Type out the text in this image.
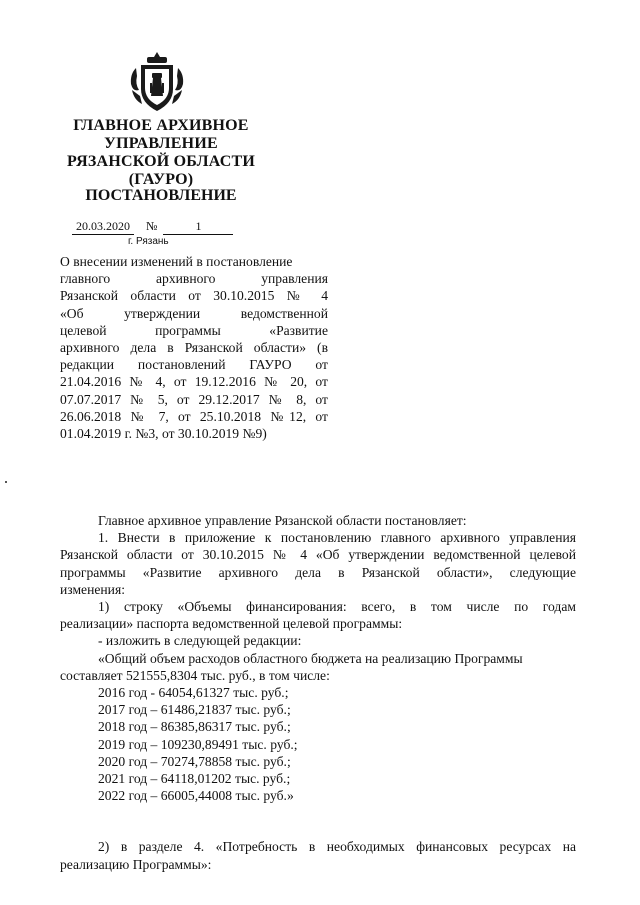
ГЛАВНОЕ АРХИВНОЕ
УПРАВЛЕНИЕ
РЯЗАНСКОЙ ОБЛАСТИ
(ГАУРО)
ПОСТАНОВЛЕНИЕ
20.03.2020 №	1
г. Рязань
О внесении изменений в постановление
главного архивного управления
Рязанской области от 30.10.2015 № 4
«Об утверждении ведомственной
целевой программы «Развитие
архивного дела в Рязанской области» (в
редакции постановлений ГАУРО от
21.04.2016 № 4, от 19.12.2016 № 20, от
07.07.2017 № 5, от 29.12.2017 № 8, от
26.06.2018 № 7, от 25.10.2018 №12, от
01.04.2019 г. №3, от 30.10.2019 №9)
Главное архивное управление Рязанской области постановляет:
1. Внести в приложение к постановлению главного архивного управления
Рязанской области от 30.10.2015 № 4 «Об утверждении ведомственной целевой
программы «Развитие архивного дела в Рязанской области», следующие
изменения:
1) строку «Объемы финансирования: всего, в том числе по годам
реализации» паспорта ведомственной целевой программы:
- изложить в следующей редакции:
«Общий объем расходов областного бюджета на реализацию Программы
составляет 521555,8304 тыс. руб., в том числе:
2016 год - 64054,61327 тыс. руб.;
2017 год – 61486,21837 тыс. руб.;
2018 год – 86385,86317 тыс. руб.;
2019 год – 109230,89491 тыс. руб.;
2020 год – 70274,78858 тыс. руб.;
2021 год – 64118,01202 тыс. руб.;
2022 год – 66005,44008 тыс. руб.»
2) в разделе 4. «Потребность в необходимых финансовых ресурсах на
реализацию Программы»:
